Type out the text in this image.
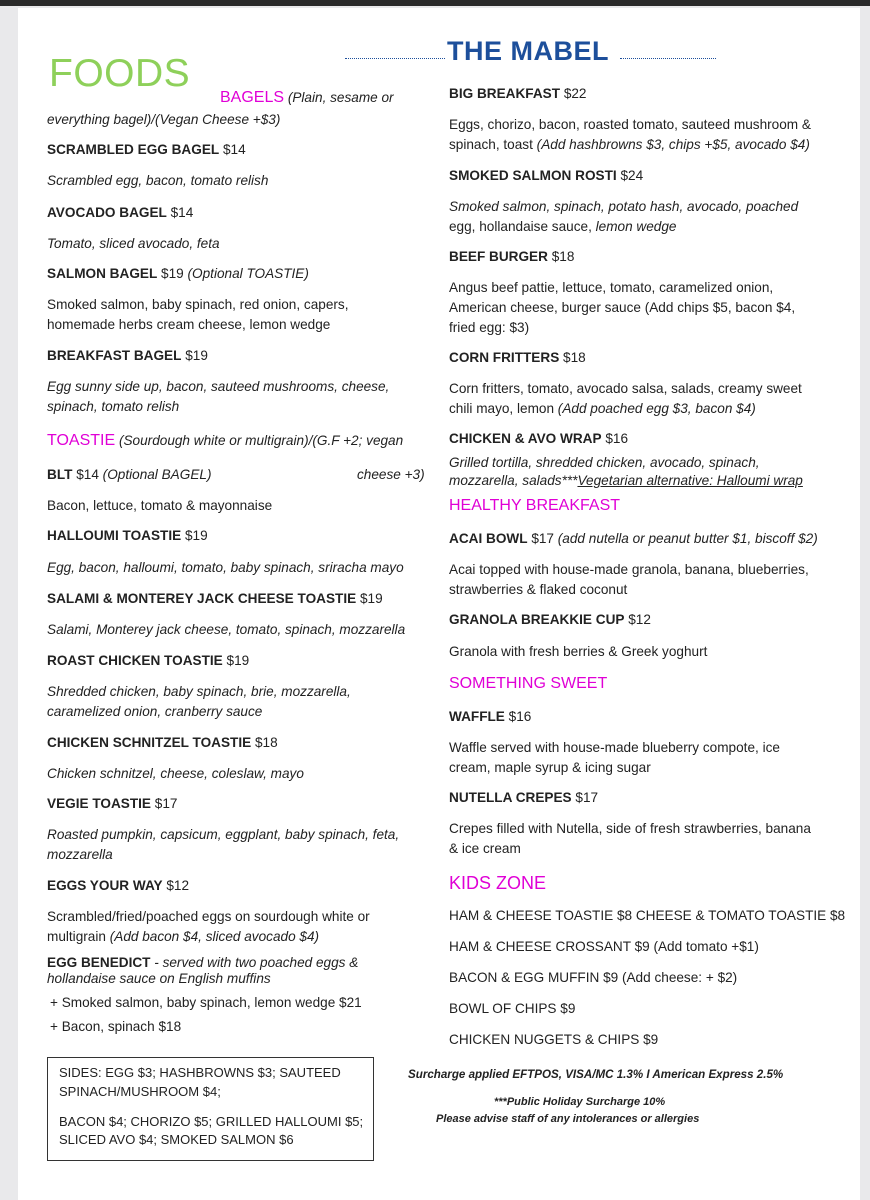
FOODS
THE MABEL
BAGELS (Plain, sesame or
everything bagel)/(Vegan Cheese +$3)
SCRAMBLED EGG BAGEL $14
Scrambled egg, bacon, tomato relish
AVOCADO BAGEL $14
Tomato, sliced avocado, feta
SALMON BAGEL $19 (Optional TOASTIE)
Smoked salmon, baby spinach, red onion, capers,
homemade herbs cream cheese, lemon wedge
BREAKFAST BAGEL $19
Egg sunny side up, bacon, sauteed mushrooms, cheese,
spinach, tomato relish
TOASTIE (Sourdough white or multigrain)/(G.F +2; vegan
cheese +3)
BLT $14 (Optional BAGEL)
Bacon, lettuce, tomato & mayonnaise
HALLOUMI TOASTIE $19
Egg, bacon, halloumi, tomato, baby spinach, sriracha mayo
SALAMI & MONTEREY JACK CHEESE TOASTIE $19
Salami, Monterey jack cheese, tomato, spinach, mozzarella
ROAST CHICKEN TOASTIE $19
Shredded chicken, baby spinach, brie, mozzarella,
caramelized onion, cranberry sauce
CHICKEN SCHNITZEL TOASTIE $18
Chicken schnitzel, cheese, coleslaw, mayo
VEGIE TOASTIE $17
Roasted pumpkin, capsicum, eggplant, baby spinach, feta,
mozzarella
EGGS YOUR WAY $12
Scrambled/fried/poached eggs on sourdough white or
multigrain (Add bacon $4, sliced avocado $4)
EGG BENEDICT - served with two poached eggs &
hollandaise sauce on English muffins
+ Smoked salmon, baby spinach, lemon wedge $21
+ Bacon, spinach $18
SIDES: EGG $3; HASHBROWNS $3; SAUTEED
SPINACH/MUSHROOM $4;
BACON $4; CHORIZO $5; GRILLED HALLOUMI $5;
SLICED AVO $4; SMOKED SALMON $6
BIG BREAKFAST $22
Eggs, chorizo, bacon, roasted tomato, sauteed mushroom &
spinach, toast (Add hashbrowns $3, chips +$5, avocado $4)
SMOKED SALMON ROSTI $24
Smoked salmon, spinach, potato hash, avocado, poached
egg, hollandaise sauce, lemon wedge
BEEF BURGER $18
Angus beef pattie, lettuce, tomato, caramelized onion,
American cheese, burger sauce (Add chips $5, bacon $4,
fried egg: $3)
CORN FRITTERS $18
Corn fritters, tomato, avocado salsa, salads, creamy sweet
chili mayo, lemon (Add poached egg $3, bacon $4)
CHICKEN & AVO WRAP $16
Grilled tortilla, shredded chicken, avocado, spinach,
mozzarella, salads***Vegetarian alternative: Halloumi wrap
HEALTHY BREAKFAST
ACAI BOWL $17 (add nutella or peanut butter $1, biscoff $2)
Acai topped with house-made granola, banana, blueberries,
strawberries & flaked coconut
GRANOLA BREAKKIE CUP $12
Granola with fresh berries & Greek yoghurt
SOMETHING SWEET
WAFFLE $16
Waffle served with house-made blueberry compote, ice
cream, maple syrup & icing sugar
NUTELLA CREPES $17
Crepes filled with Nutella, side of fresh strawberries, banana
& ice cream
KIDS ZONE
HAM & CHEESE TOASTIE $8 CHEESE & TOMATO TOASTIE $8
HAM & CHEESE CROSSANT $9 (Add tomato +$1)
BACON & EGG MUFFIN $9 (Add cheese: + $2)
BOWL OF CHIPS $9
CHICKEN NUGGETS & CHIPS $9
Surcharge applied EFTPOS, VISA/MC 1.3% I American Express 2.5%
***Public Holiday Surcharge 10%
Please advise staff of any intolerances or allergies
